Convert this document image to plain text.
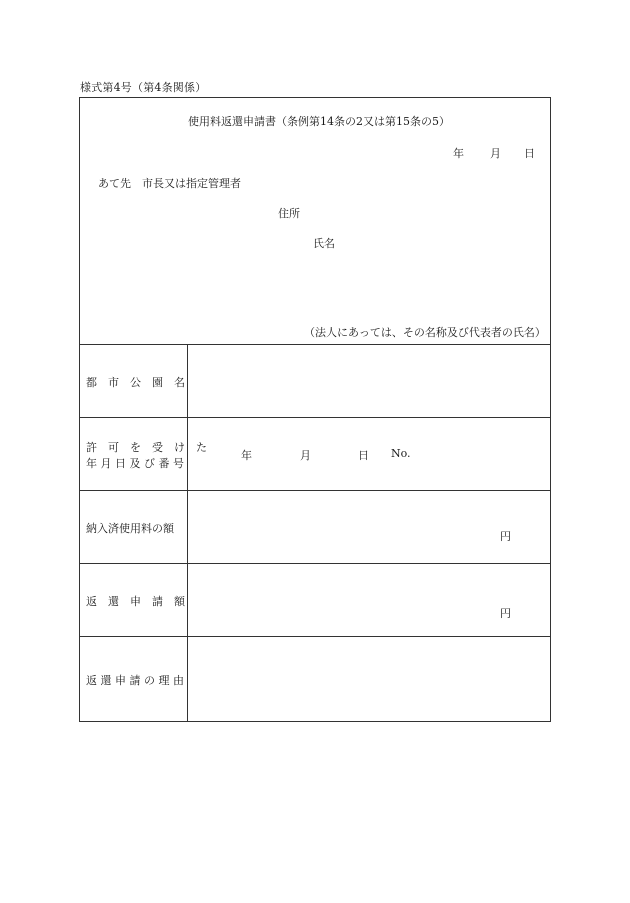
様式第4号（第4条関係）
使用料返還申請書（条例第14条の2又は第15条の5）
年 月 日
あて先　市長又は指定管理者
住所
氏名
（法人にあっては、その名称及び代表者の氏名）
都　市　公　園　名
許　可　を　受　け　た
年 月 日 及 び 番 号
年	月	日 No.
納入済使用料の額
円
返　還　申　請　額
円
返 還 申 請 の 理 由
